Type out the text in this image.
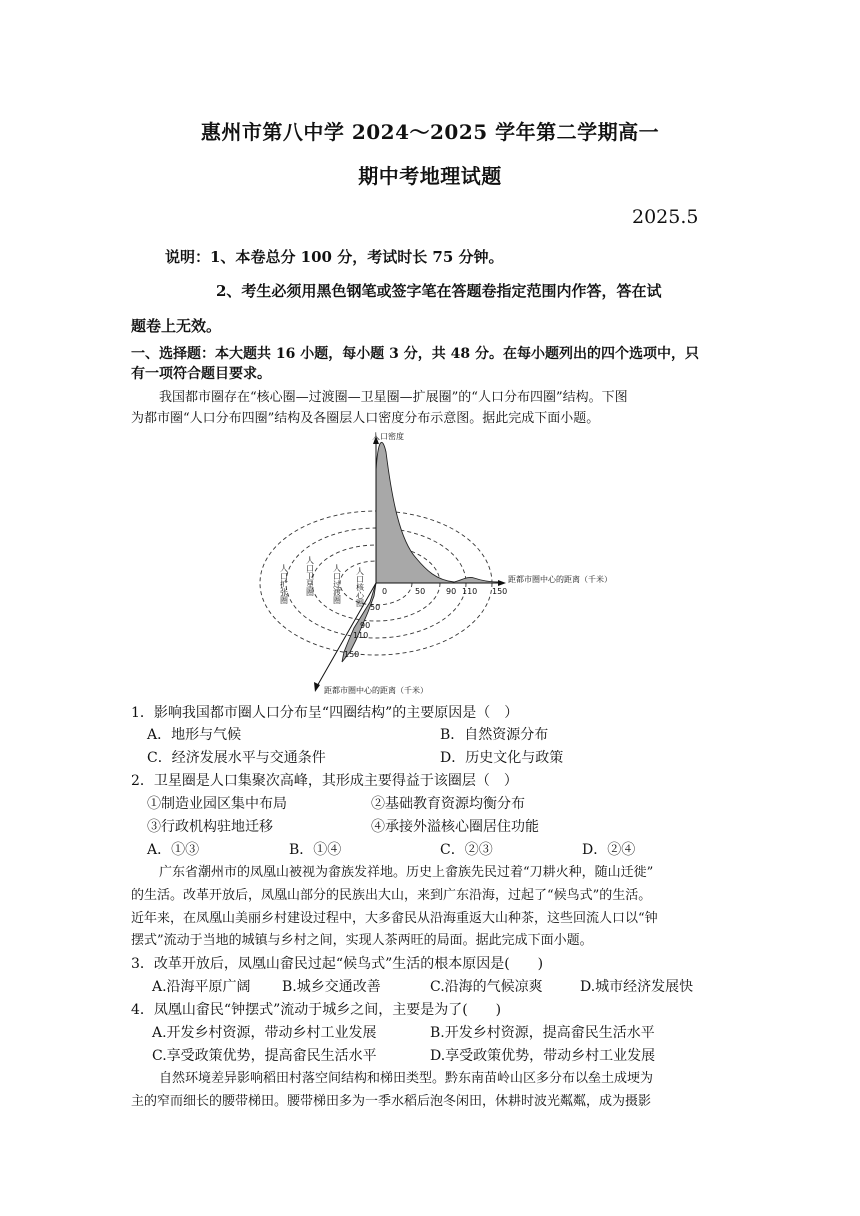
惠州市第八中学 2024～2025 学年第二学期高一
期中考地理试题
2025.5
说明：1、本卷总分 100 分，考试时长 75 分钟。
2、考生必须用黑色钢笔或签字笔在答题卷指定范围内作答，答在试
题卷上无效。
一、选择题：本大题共 16 小题，每小题 3 分，共 48 分。在每小题列出的四个选项中，只
有一项符合题目要求。
我国都市圈存在“核心圈—过渡圈—卫星圈—扩展圈”的“人口分布四圈”结构。下图
为都市圈“人口分布四圈”结构及各圈层人口密度分布示意图。据此完成下面小题。
人口密度
距都市圈中心的距离（千米）
距都市圈中心的距离（千米）
0	50	90 110 150
50
90
110
150
人口扩张圈 人口卫星圈 人口过渡圈 人口核心圈
1．影响我国都市圈人口分布呈“四圈结构”的主要原因是（　）
A．地形与气候	B．自然资源分布
C．经济发展水平与交通条件	D．历史文化与政策
2．卫星圈是人口集聚次高峰，其形成主要得益于该圈层（　）
①制造业园区集中布局	②基础教育资源均衡分布
③行政机构驻地迁移	④承接外溢核心圈居住功能
A．①③	B．①④	C．②③	D．②④
广东省潮州市的凤凰山被视为畲族发祥地。历史上畲族先民过着“刀耕火种，随山迁徙”
的生活。改革开放后，凤凰山部分的民族出大山，来到广东沿海，过起了“候鸟式”的生活。
近年来，在凤凰山美丽乡村建设过程中，大多畲民从沿海重返大山种茶，这些回流人口以“钟
摆式”流动于当地的城镇与乡村之间，实现人茶两旺的局面。据此完成下面小题。
3．改革开放后，凤凰山畲民过起“候鸟式”生活的根本原因是(　　)
A.沿海平原广阔 B.城乡交通改善	C.沿海的气候凉爽	D.城市经济发展快
4．凤凰山畲民“钟摆式”流动于城乡之间，主要是为了(　　)
A.开发乡村资源，带动乡村工业发展	B.开发乡村资源，提高畲民生活水平
C.享受政策优势，提高畲民生活水平	D.享受政策优势，带动乡村工业发展
自然环境差异影响稻田村落空间结构和梯田类型。黔东南苗岭山区多分布以垒土成埂为
主的窄而细长的腰带梯田。腰带梯田多为一季水稻后泡冬闲田，休耕时波光粼粼，成为摄影
